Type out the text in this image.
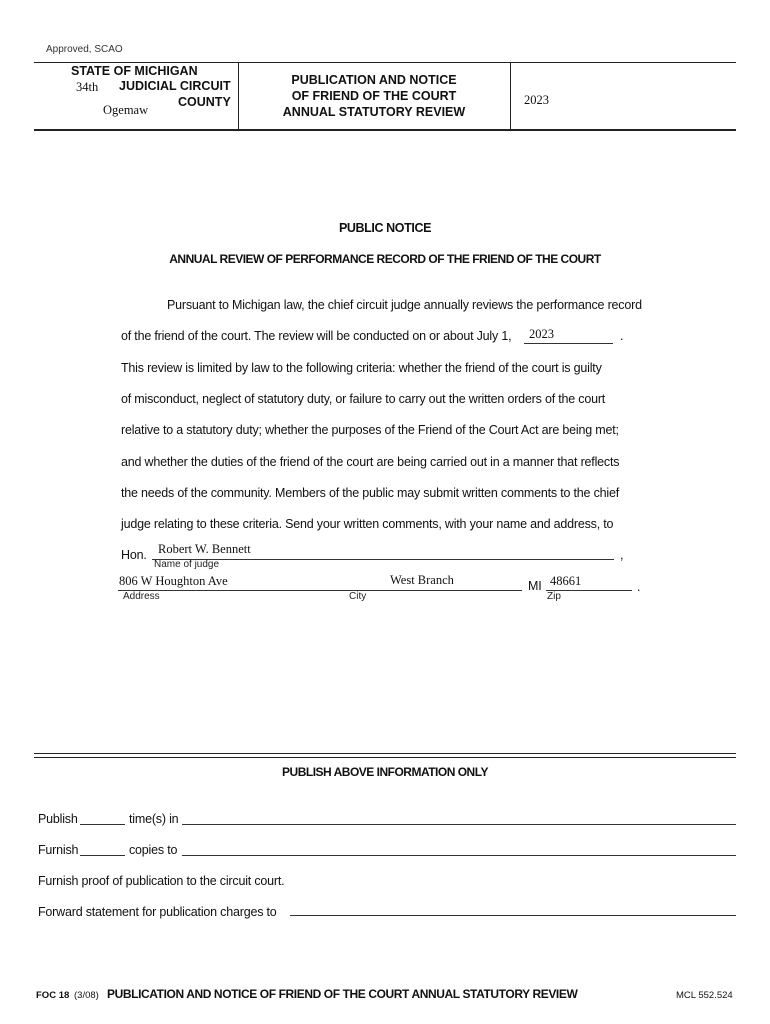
Approved, SCAO
STATE OF MICHIGAN
34th JUDICIAL CIRCUIT
COUNTY
Ogemaw
PUBLICATION AND NOTICE
OF FRIEND OF THE COURT
ANNUAL STATUTORY REVIEW
2023
PUBLIC NOTICE
ANNUAL REVIEW OF PERFORMANCE RECORD OF THE FRIEND OF THE COURT
Pursuant to Michigan law, the chief circuit judge annually reviews the performance record
of the friend of the court. The review will be conducted on or about July 1, 2023	.
This review is limited by law to the following criteria: whether the friend of the court is guilty
of misconduct, neglect of statutory duty, or failure to carry out the written orders of the court
relative to a statutory duty; whether the purposes of the Friend of the Court Act are being met;
and whether the duties of the friend of the court are being carried out in a manner that reflects
the needs of the community. Members of the public may submit written comments to the chief
judge relating to these criteria. Send your written comments, with your name and address, to
Hon. Robert W. Bennett
Name of judge
,
806 W Houghton Ave
Address
West Branch
City
MI 48661
Zip
.
PUBLISH ABOVE INFORMATION ONLY
Publish	time(s) in
Furnish	copies to
Furnish proof of publication to the circuit court.
Forward statement for publication charges to
FOC 18 (3/08) PUBLICATION AND NOTICE OF FRIEND OF THE COURT ANNUAL STATUTORY REVIEW	MCL 552.524
